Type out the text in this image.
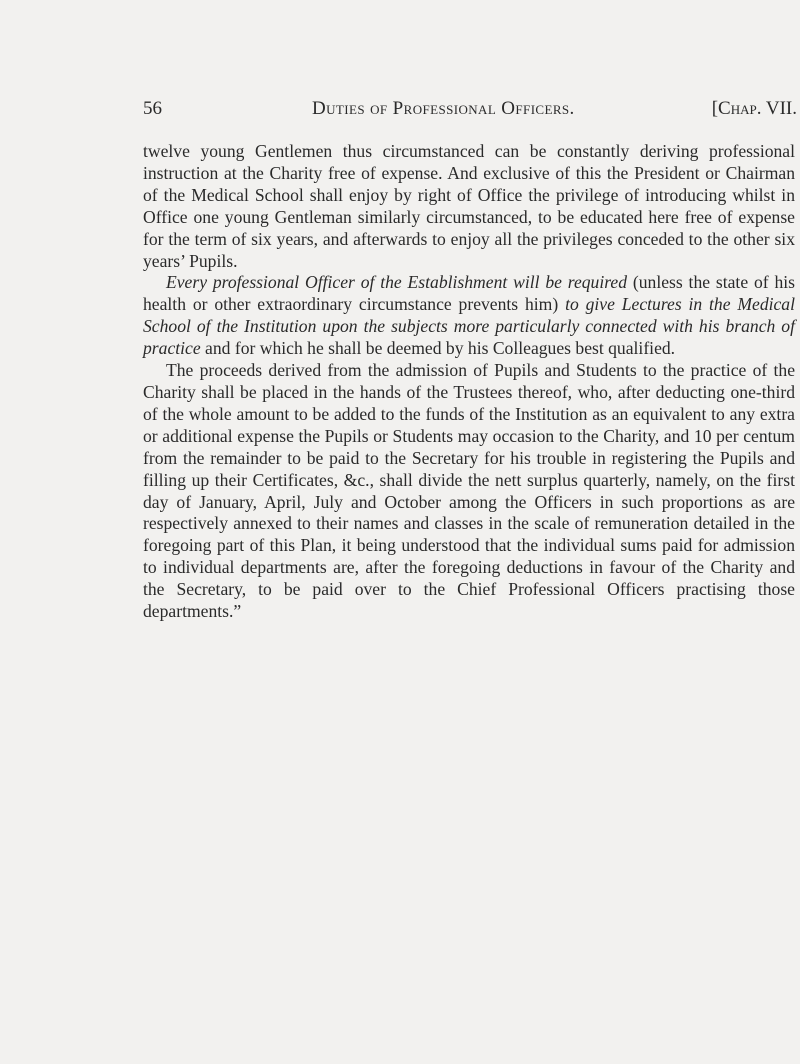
56	Duties of Professional Officers.	[Chap. VII.

twelve young Gentlemen thus circumstanced can be constantly deriving professional instruction at the Charity free of expense. And exclusive of this the President or Chairman of the Medical School shall enjoy by right of Office the privilege of introducing whilst in Office one young Gentleman similarly circumstanced, to be educated here free of expense for the term of six years, and afterwards to enjoy all the privileges conceded to the other six years’ Pupils.

Every professional Officer of the Establishment will be required (unless the state of his health or other extraordinary circumstance prevents him) to give Lectures in the Medical School of the Institution upon the subjects more particularly connected with his branch of practice and for which he shall be deemed by his Colleagues best qualified.

The proceeds derived from the admission of Pupils and Students to the practice of the Charity shall be placed in the hands of the Trustees thereof, who, after deducting one-third of the whole amount to be added to the funds of the Institution as an equivalent to any extra or additional expense the Pupils or Students may occasion to the Charity, and 10 per centum from the remainder to be paid to the Secretary for his trouble in registering the Pupils and filling up their Certificates, &c., shall divide the nett surplus quarterly, namely, on the first day of January, April, July and October among the Officers in such proportions as are respectively annexed to their names and classes in the scale of remuneration detailed in the foregoing part of this Plan, it being understood that the individual sums paid for admission to individual departments are, after the foregoing deductions in favour of the Charity and the Secretary, to be paid over to the Chief Professional Officers practising those departments.”
